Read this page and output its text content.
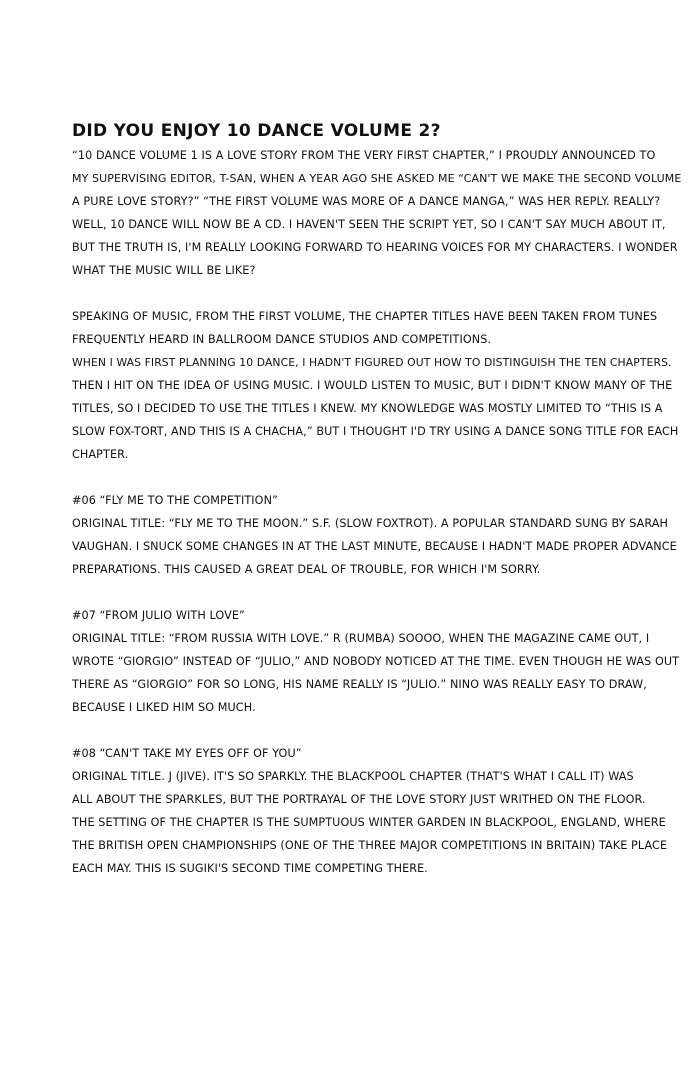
DID YOU ENJOY 10 DANCE VOLUME 2?
“10 DANCE VOLUME 1 IS A LOVE STORY FROM THE VERY FIRST CHAPTER,” I PROUDLY ANNOUNCED TO
MY SUPERVISING EDITOR, T-SAN, WHEN A YEAR AGO SHE ASKED ME “CAN'T WE MAKE THE SECOND VOLUME
A PURE LOVE STORY?” “THE FIRST VOLUME WAS MORE OF A DANCE MANGA,” WAS HER REPLY. REALLY?
WELL, 10 DANCE WILL NOW BE A CD. I HAVEN'T SEEN THE SCRIPT YET, SO I CAN'T SAY MUCH ABOUT IT,
BUT THE TRUTH IS, I'M REALLY LOOKING FORWARD TO HEARING VOICES FOR MY CHARACTERS. I WONDER
WHAT THE MUSIC WILL BE LIKE?
SPEAKING OF MUSIC, FROM THE FIRST VOLUME, THE CHAPTER TITLES HAVE BEEN TAKEN FROM TUNES
FREQUENTLY HEARD IN BALLROOM DANCE STUDIOS AND COMPETITIONS.
WHEN I WAS FIRST PLANNING 10 DANCE, I HADN'T FIGURED OUT HOW TO DISTINGUISH THE TEN CHAPTERS.
THEN I HIT ON THE IDEA OF USING MUSIC. I WOULD LISTEN TO MUSIC, BUT I DIDN'T KNOW MANY OF THE
TITLES, SO I DECIDED TO USE THE TITLES I KNEW. MY KNOWLEDGE WAS MOSTLY LIMITED TO “THIS IS A
SLOW FOX-TORT, AND THIS IS A CHACHA,” BUT I THOUGHT I'D TRY USING A DANCE SONG TITLE FOR EACH
CHAPTER.
#06 “FLY ME TO THE COMPETITION”
ORIGINAL TITLE: “FLY ME TO THE MOON.” S.F. (SLOW FOXTROT). A POPULAR STANDARD SUNG BY SARAH
VAUGHAN. I SNUCK SOME CHANGES IN AT THE LAST MINUTE, BECAUSE I HADN'T MADE PROPER ADVANCE
PREPARATIONS. THIS CAUSED A GREAT DEAL OF TROUBLE, FOR WHICH I'M SORRY.
#07 “FROM JULIO WITH LOVE”
ORIGINAL TITLE: “FROM RUSSIA WITH LOVE.” R (RUMBA) SOOOO, WHEN THE MAGAZINE CAME OUT, I
WROTE “GIORGIO” INSTEAD OF “JULIO,” AND NOBODY NOTICED AT THE TIME. EVEN THOUGH HE WAS OUT
THERE AS “GIORGIO” FOR SO LONG, HIS NAME REALLY IS “JULIO.” NINO WAS REALLY EASY TO DRAW,
BECAUSE I LIKED HIM SO MUCH.
#08 “CAN'T TAKE MY EYES OFF OF YOU”
ORIGINAL TITLE. J (JIVE). IT'S SO SPARKLY. THE BLACKPOOL CHAPTER (THAT'S WHAT I CALL IT) WAS
ALL ABOUT THE SPARKLES, BUT THE PORTRAYAL OF THE LOVE STORY JUST WRITHED ON THE FLOOR.
THE SETTING OF THE CHAPTER IS THE SUMPTUOUS WINTER GARDEN IN BLACKPOOL, ENGLAND, WHERE
THE BRITISH OPEN CHAMPIONSHIPS (ONE OF THE THREE MAJOR COMPETITIONS IN BRITAIN) TAKE PLACE
EACH MAY. THIS IS SUGIKI'S SECOND TIME COMPETING THERE.
